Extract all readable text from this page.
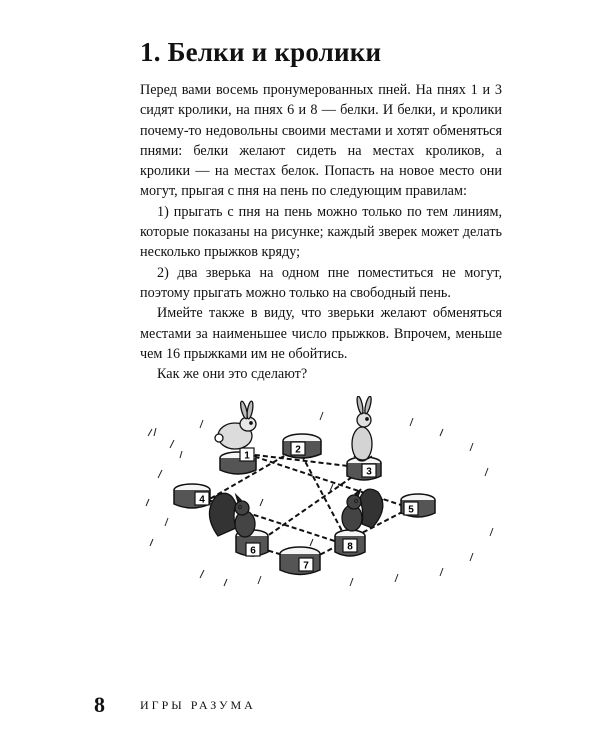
1. Белки и кролики

Перед вами восемь пронумерованных пней. На пнях 1 и 3 сидят кролики, на пнях 6 и 8 — белки. И белки, и кролики почему-то недовольны своими местами и хотят обменяться пнями: белки желают сидеть на местах кроликов, а кролики — на местах белок. Попасть на новое место они могут, прыгая с пня на пень по следующим правилам:

1) прыгать с пня на пень можно только по тем линиям, которые показаны на рисунке; каждый зверек может делать несколько прыжков кряду;

2) два зверька на одном пне поместиться не могут, поэтому прыгать можно только на свободный пень.

Имейте также в виду, что зверьки желают обменяться местами за наименьшее число прыжков. Впрочем, меньше чем 16 прыжками им не обойтись.

Как же они это сделают?

1
2
3
4
5
6
7
8
8	ИГРЫ РАЗУМА
